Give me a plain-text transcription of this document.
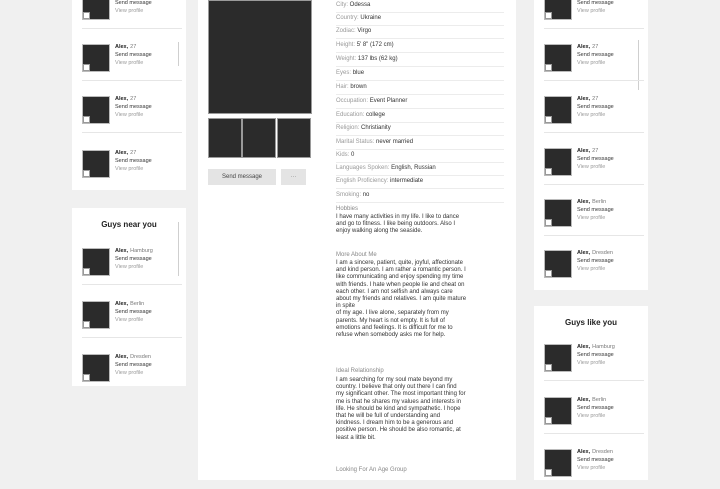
Send message
View profile
Alex, 27
Send message
View profile
Alex, 27
Send message
View profile
Alex, 27
Send message
View profile
Guys near you
Alex, Hamburg
Send message
View profile
Alex, Berlin
Send message
View profile
Alex, Dresden
Send message
View profile
Send message	···
City: Odessa
Country: Ukraine
Zodiac: Virgo
Height: 5' 8" (172 cm)
Weight: 137 lbs (62 kg)
Eyes: blue
Hair: brown
Occupation: Event Planner
Education: college
Religion: Christianity
Marital Status: never married
Kids: 0
Languages Spoken: English, Russian
English Proficiency: intermediate
Smoking: no
Hobbies

I have many activities in my life. I like to dance

and go to fitness. I like being outdoors. Also I

enjoy walking along the seaside.

More About Me

I am a sincere, patient, quite, joyful, affectionate

and kind person. I am rather a romantic person. I

like communicating and enjoy spending my time

with friends. I hate when people lie and cheat on

each other. I am not selfish and always care

about my friends and relatives. I am quite mature

in spite

of my age. I live alone, separately from my

parents. My heart is not empty. It is full of

emotions and feelings. It is difficult for me to

refuse when somebody asks me for help.

Ideal Relationship

I am searching for my soul mate beyond my

country. I believe that only out there I can find

my significant other. The most important thing for

me is that he shares my values and interests in

life. He should be kind and sympathetic. I hope

that he will be full of understanding and

kindness. I dream him to be a generous and

positive person. He should be also romantic, at

least a little bit.

Looking For An Age Group
Send message
View profile
Alex, 27
Send message
View profile
Alex, 27
Send message
View profile
Alex, 27
Send message
View profile
Alex, Berlin
Send message
View profile
Alex, Dresden
Send message
View profile
Guys like you
Alex, Hamburg
Send message
View profile
Alex, Berlin
Send message
View profile
Alex, Dresden
Send message
View profile
